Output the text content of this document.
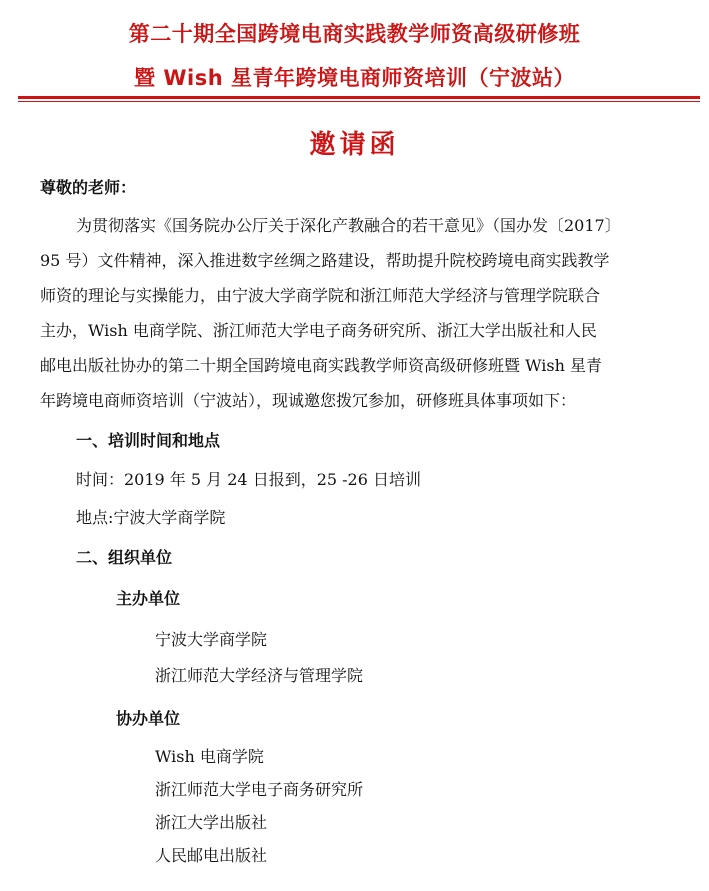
第二十期全国跨境电商实践教学师资高级研修班
暨 Wish 星青年跨境电商师资培训（宁波站）
邀请函
尊敬的老师：
为贯彻落实《国务院办公厅关于深化产教融合的若干意见》（国办发〔2017〕
95 号）文件精神，深入推进数字丝绸之路建设，帮助提升院校跨境电商实践教学
师资的理论与实操能力，由宁波大学商学院和浙江师范大学经济与管理学院联合
主办，Wish 电商学院、浙江师范大学电子商务研究所、浙江大学出版社和人民
邮电出版社协办的第二十期全国跨境电商实践教学师资高级研修班暨 Wish 星青
年跨境电商师资培训（宁波站），现诚邀您拨冗参加，研修班具体事项如下：
一、培训时间和地点
时间：2019 年 5 月 24 日报到，25 -26 日培训
地点:宁波大学商学院
二、组织单位
主办单位
宁波大学商学院
浙江师范大学经济与管理学院
协办单位
Wish 电商学院
浙江师范大学电子商务研究所
浙江大学出版社
人民邮电出版社
